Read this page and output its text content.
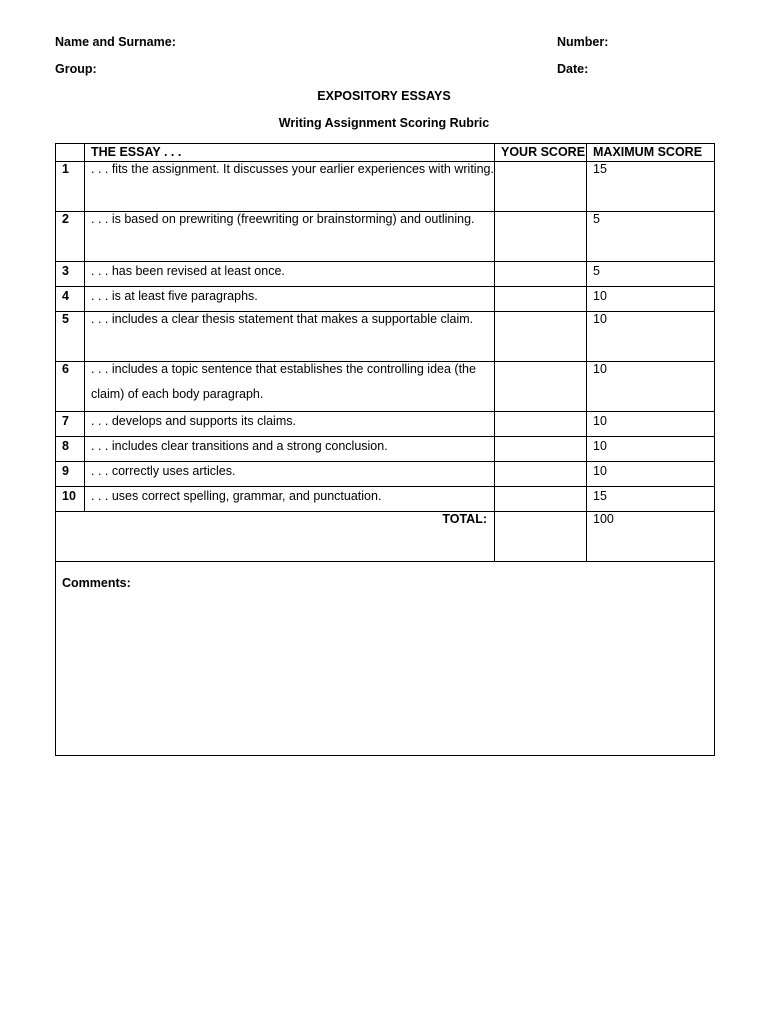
Name and Surname:	Number:
Group:	Date:
EXPOSITORY ESSAYS
Writing Assignment Scoring Rubric
	THE ESSAY . . .	YOUR SCORE	MAXIMUM SCORE

1	. . . fits the assignment. It discusses your earlier experiences with writing.		15

2	. . . is based on prewriting (freewriting or brainstorming) and outlining.		5

3	. . . has been revised at least once.		5

4	. . . is at least five paragraphs.		10

5	. . . includes a clear thesis statement that makes a supportable claim.		10

6	. . . includes a topic sentence that establishes the controlling idea (the claim) of each body paragraph.		10

7	. . . develops and supports its claims.		10

8	. . . includes clear transitions and a strong conclusion.		10

9	. . . correctly uses articles.		10

10	. . . uses correct spelling, grammar, and punctuation.		15

TOTAL:			100

Comments:			
